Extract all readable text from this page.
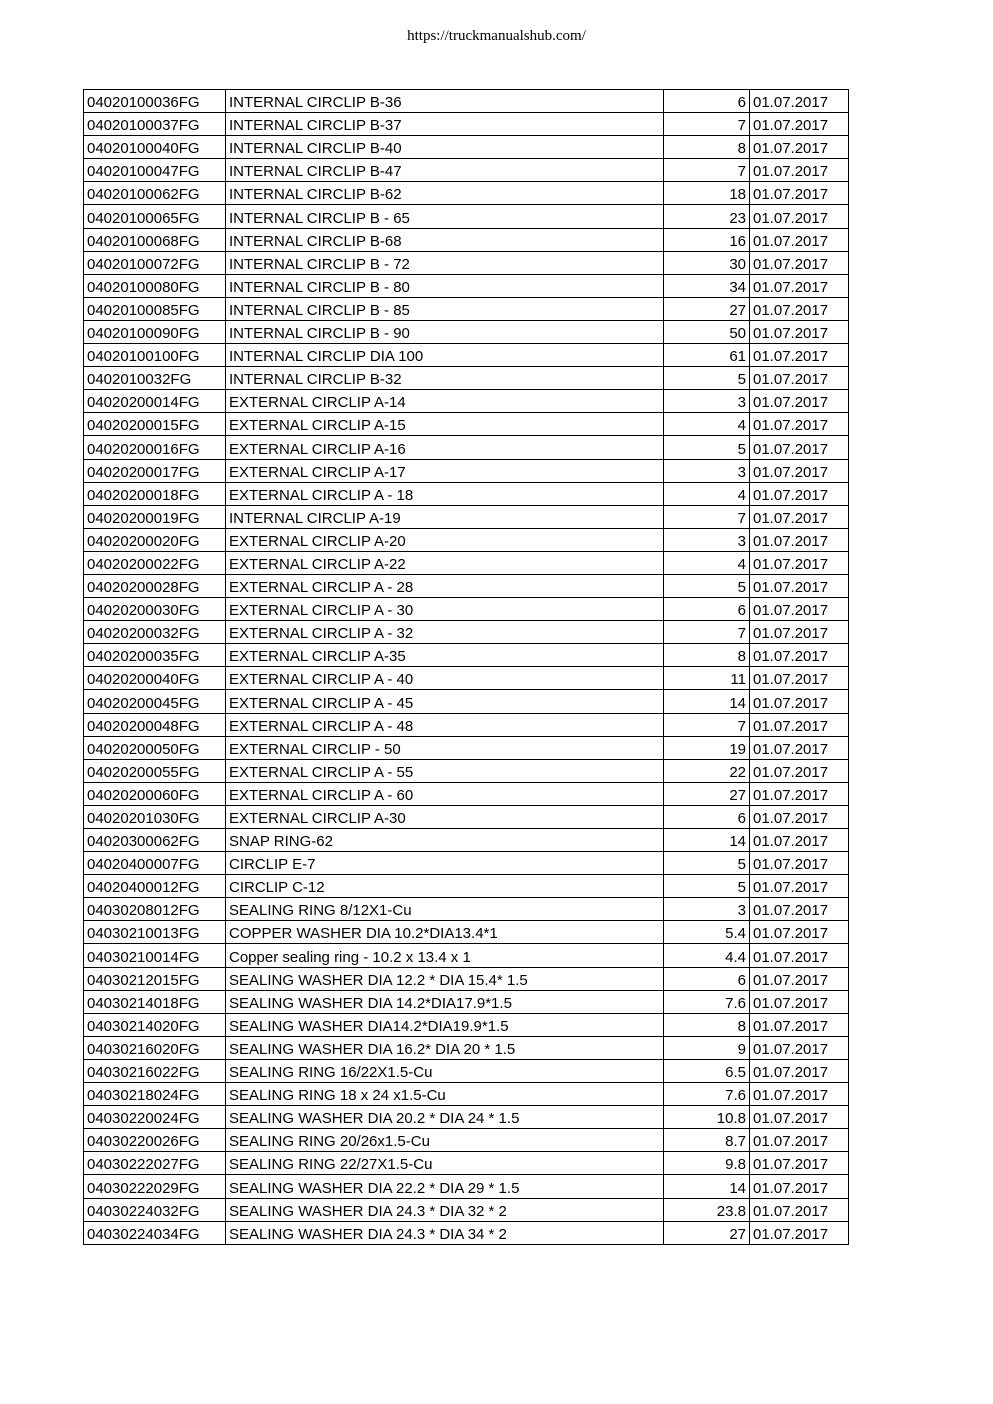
https://truckmanualshub.com/
04020100036FG	INTERNAL CIRCLIP B-36	6	01.07.2017
04020100037FG	INTERNAL CIRCLIP B-37	7	01.07.2017
04020100040FG	INTERNAL CIRCLIP B-40	8	01.07.2017
04020100047FG	INTERNAL CIRCLIP B-47	7	01.07.2017
04020100062FG	INTERNAL CIRCLIP B-62	18	01.07.2017
04020100065FG	INTERNAL CIRCLIP B - 65	23	01.07.2017
04020100068FG	INTERNAL CIRCLIP B-68	16	01.07.2017
04020100072FG	INTERNAL CIRCLIP B - 72	30	01.07.2017
04020100080FG	INTERNAL CIRCLIP B - 80	34	01.07.2017
04020100085FG	INTERNAL CIRCLIP B - 85	27	01.07.2017
04020100090FG	INTERNAL CIRCLIP B - 90	50	01.07.2017
04020100100FG	INTERNAL CIRCLIP DIA 100	61	01.07.2017
0402010032FG	INTERNAL CIRCLIP B-32	5	01.07.2017
04020200014FG	EXTERNAL CIRCLIP A-14	3	01.07.2017
04020200015FG	EXTERNAL CIRCLIP A-15	4	01.07.2017
04020200016FG	EXTERNAL CIRCLIP A-16	5	01.07.2017
04020200017FG	EXTERNAL CIRCLIP A-17	3	01.07.2017
04020200018FG	EXTERNAL CIRCLIP A - 18	4	01.07.2017
04020200019FG	INTERNAL CIRCLIP A-19	7	01.07.2017
04020200020FG	EXTERNAL CIRCLIP A-20	3	01.07.2017
04020200022FG	EXTERNAL CIRCLIP A-22	4	01.07.2017
04020200028FG	EXTERNAL CIRCLIP A - 28	5	01.07.2017
04020200030FG	EXTERNAL CIRCLIP A - 30	6	01.07.2017
04020200032FG	EXTERNAL CIRCLIP A - 32	7	01.07.2017
04020200035FG	EXTERNAL CIRCLIP A-35	8	01.07.2017
04020200040FG	EXTERNAL CIRCLIP A - 40	11	01.07.2017
04020200045FG	EXTERNAL CIRCLIP A - 45	14	01.07.2017
04020200048FG	EXTERNAL CIRCLIP A - 48	7	01.07.2017
04020200050FG	EXTERNAL CIRCLIP - 50	19	01.07.2017
04020200055FG	EXTERNAL CIRCLIP A - 55	22	01.07.2017
04020200060FG	EXTERNAL CIRCLIP A - 60	27	01.07.2017
04020201030FG	EXTERNAL CIRCLIP A-30	6	01.07.2017
04020300062FG	SNAP RING-62	14	01.07.2017
04020400007FG	CIRCLIP E-7	5	01.07.2017
04020400012FG	CIRCLIP C-12	5	01.07.2017
04030208012FG	SEALING RING 8/12X1-Cu	3	01.07.2017
04030210013FG	COPPER WASHER DIA 10.2*DIA13.4*1	5.4	01.07.2017
04030210014FG	Copper sealing ring - 10.2 x 13.4 x 1	4.4	01.07.2017
04030212015FG	SEALING WASHER DIA 12.2 * DIA 15.4* 1.5	6	01.07.2017
04030214018FG	SEALING WASHER DIA 14.2*DIA17.9*1.5	7.6	01.07.2017
04030214020FG	SEALING WASHER DIA14.2*DIA19.9*1.5	8	01.07.2017
04030216020FG	SEALING WASHER DIA 16.2* DIA 20 * 1.5	9	01.07.2017
04030216022FG	SEALING RING 16/22X1.5-Cu	6.5	01.07.2017
04030218024FG	SEALING RING 18 x 24 x1.5-Cu	7.6	01.07.2017
04030220024FG	SEALING WASHER DIA 20.2 * DIA 24 * 1.5	10.8	01.07.2017
04030220026FG	SEALING RING 20/26x1.5-Cu	8.7	01.07.2017
04030222027FG	SEALING RING 22/27X1.5-Cu	9.8	01.07.2017
04030222029FG	SEALING WASHER DIA 22.2 * DIA 29 * 1.5	14	01.07.2017
04030224032FG	SEALING WASHER DIA 24.3 * DIA 32 * 2	23.8	01.07.2017
04030224034FG	SEALING WASHER DIA 24.3 * DIA 34 * 2	27	01.07.2017
